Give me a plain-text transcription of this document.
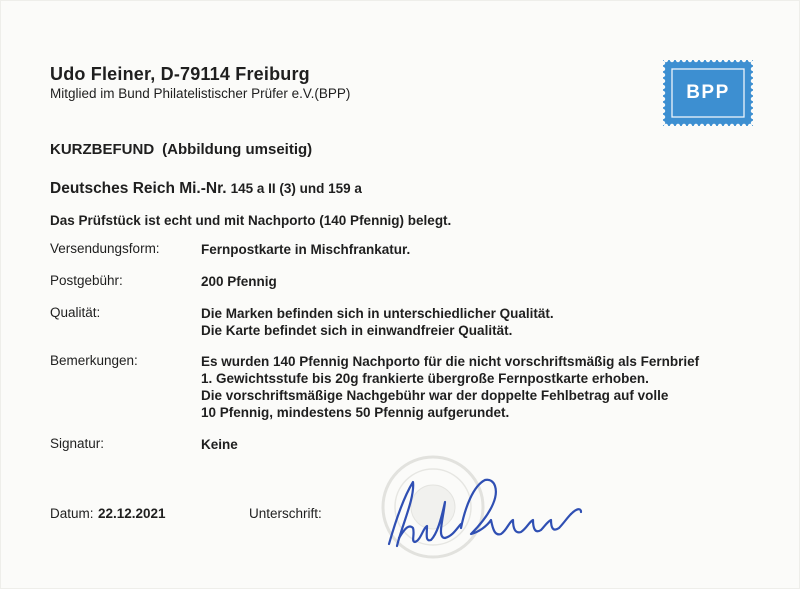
Udo Fleiner, D-79114 Freiburg
Mitglied im Bund Philatelistischer Prüfer e.V.(BPP)	BPP
KURZBEFUND (Abbildung umseitig)
Deutsches Reich Mi.-Nr. 145 a II (3) und 159 a
Das Prüfstück ist echt und mit Nachporto (140 Pfennig) belegt.
Versendungsform:	Fernpostkarte in Mischfrankatur.
Postgebühr:	200 Pfennig
Qualität:	Die Marken befinden sich in unterschiedlicher Qualität.
Die Karte befindet sich in einwandfreier Qualität.
Bemerkungen:	Es wurden 140 Pfennig Nachporto für die nicht vorschriftsmäßig als Fernbrief
1. Gewichtsstufe bis 20g frankierte übergroße Fernpostkarte erhoben.
Die vorschriftsmäßige Nachgebühr war der doppelte Fehlbetrag auf volle
10 Pfennig, mindestens 50 Pfennig aufgerundet.
Signatur:	Keine
Datum: 22.12.2021	Unterschrift:
